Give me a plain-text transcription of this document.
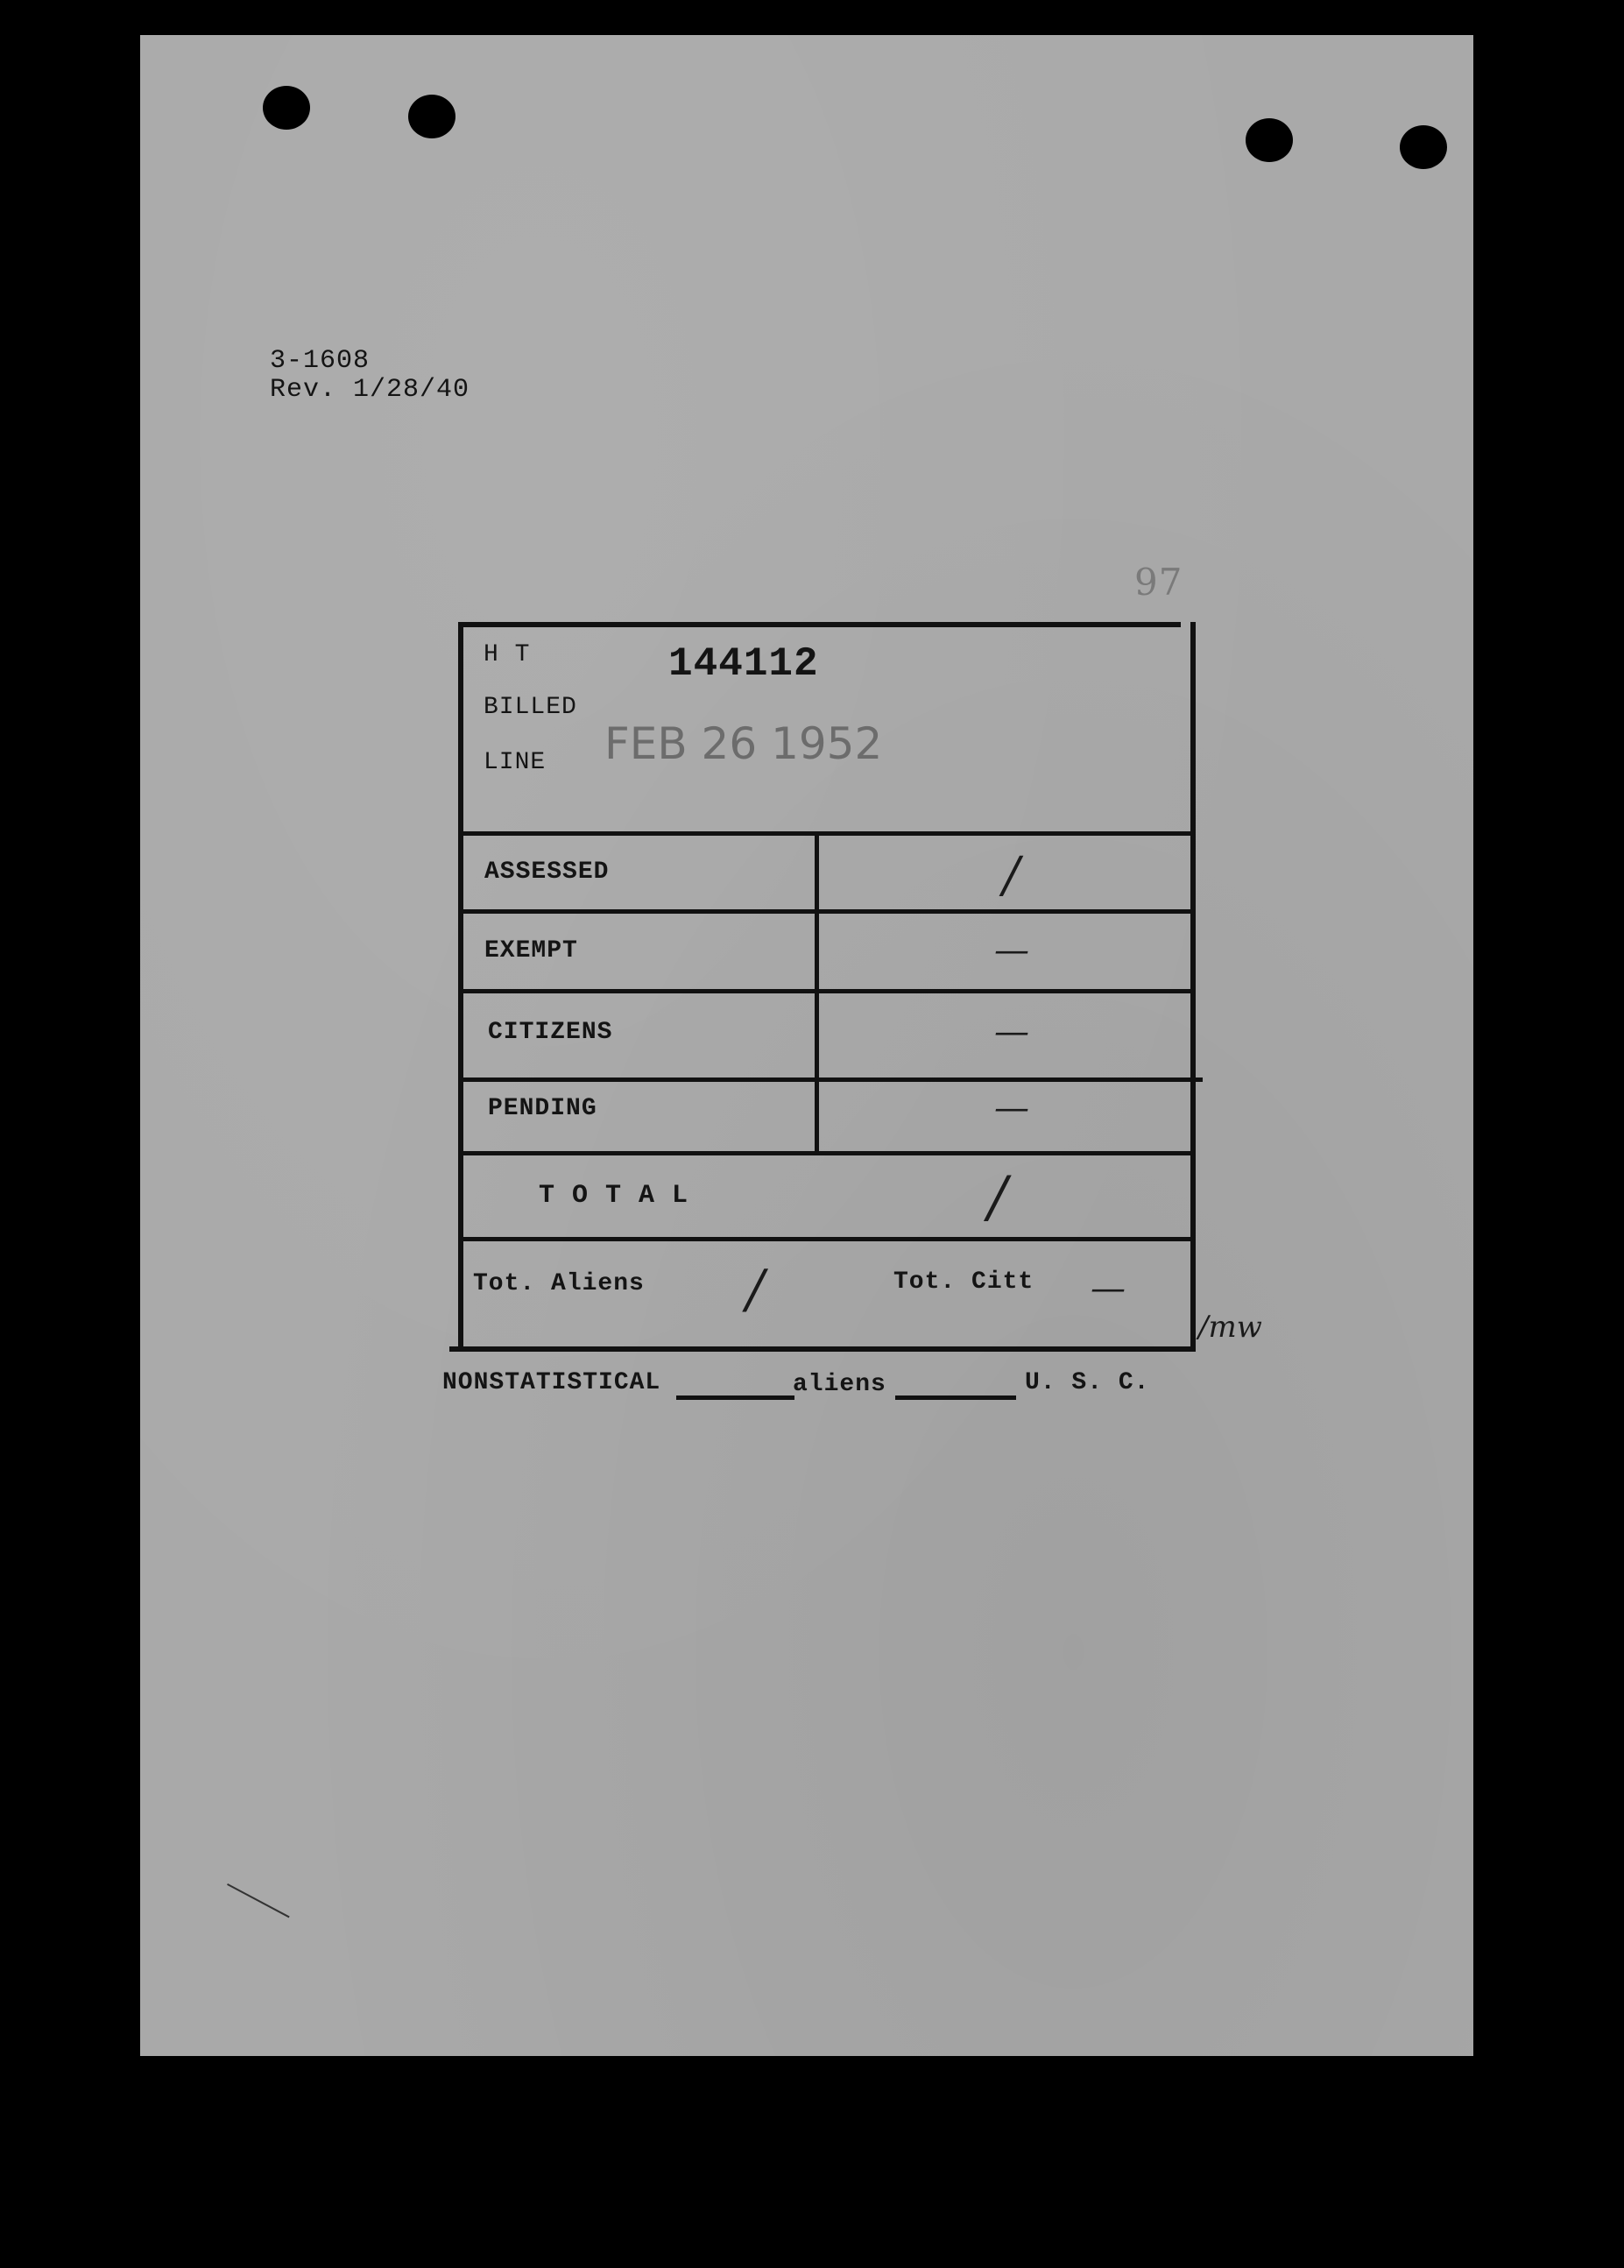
3-1608
Rev. 1/28/40
97
H T	144112
BILLED
LINE FEB 26 1952
ASSESSED	/
EXEMPT	—
CITIZENS	—
PENDING	—
T O T A L	/
Tot. Aliens /	Tot. Citt —
/mw
NONSTATISTICAL	aliens	U. S. C.
